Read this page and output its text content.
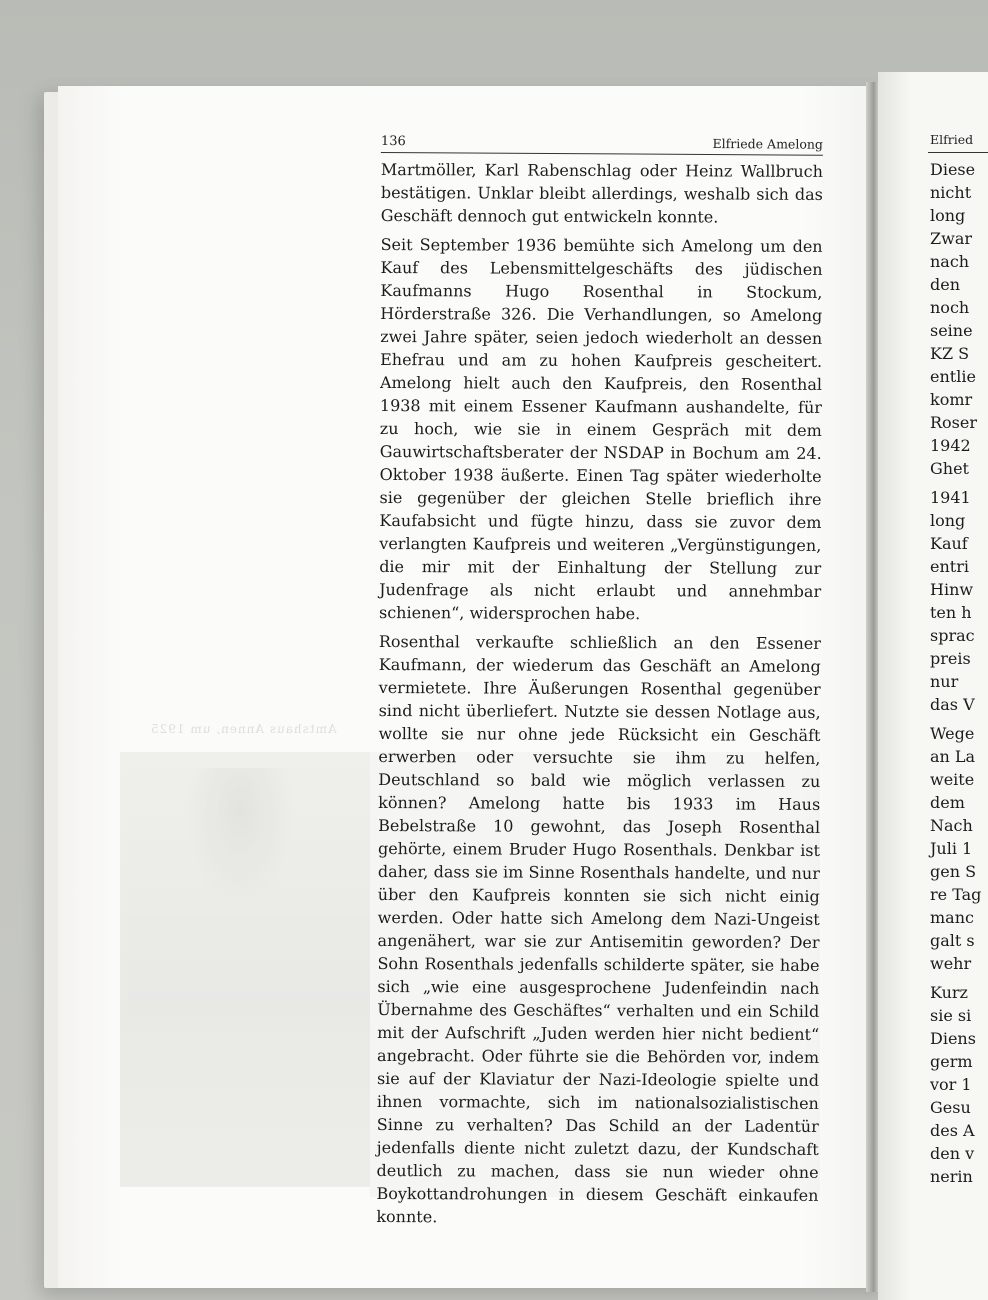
Amtshaus Annen, um 1925
136	Elfriede Amelong

Martmöller, Karl Rabenschlag oder Heinz Wallbruch bestätigen. Unklar bleibt allerdings, weshalb sich das Geschäft dennoch gut entwickeln konnte.

Seit September 1936 bemühte sich Amelong um den Kauf des Lebensmittelgeschäfts des jüdischen Kaufmanns Hugo Rosenthal in Stockum, Hörderstraße 326. Die Verhandlungen, so Amelong zwei Jahre später, seien jedoch wiederholt an dessen Ehefrau und am zu hohen Kaufpreis gescheitert. Amelong hielt auch den Kaufpreis, den Rosenthal 1938 mit einem Essener Kaufmann aushandelte, für zu hoch, wie sie in einem Gespräch mit dem Gauwirtschaftsberater der NSDAP in Bochum am 24. Oktober 1938 äußerte. Einen Tag später wiederholte sie gegenüber der gleichen Stelle brieflich ihre Kaufabsicht und fügte hinzu, dass sie zuvor dem verlangten Kaufpreis und weiteren „Vergünstigungen, die mir mit der Einhaltung der Stellung zur Judenfrage als nicht erlaubt und annehmbar schienen“, widersprochen habe.

Rosenthal verkaufte schließlich an den Essener Kaufmann, der wiederum das Geschäft an Amelong vermietete. Ihre Äußerungen Rosenthal gegenüber sind nicht überliefert. Nutzte sie dessen Notlage aus, wollte sie nur ohne jede Rücksicht ein Geschäft erwerben oder versuchte sie ihm zu helfen, Deutschland so bald wie möglich verlassen zu können? Amelong hatte bis 1933 im Haus Bebelstraße 10 gewohnt, das Joseph Rosenthal gehörte, einem Bruder Hugo Rosenthals. Denkbar ist daher, dass sie im Sinne Rosenthals handelte, und nur über den Kaufpreis konnten sie sich nicht einig werden. Oder hatte sich Amelong dem Nazi-Ungeist angenähert, war sie zur Antisemitin geworden? Der Sohn Rosenthals jedenfalls schilderte später, sie habe sich „wie eine ausgesprochene Judenfeindin nach Übernahme des Geschäftes“ verhalten und ein Schild mit der Aufschrift „Juden werden hier nicht bedient“ angebracht. Oder führte sie die Behörden vor, indem sie auf der Klaviatur der Nazi-Ideologie spielte und ihnen vormachte, sich im nationalsozialistischen Sinne zu verhalten? Das Schild an der Ladentür jedenfalls diente nicht zuletzt dazu, der Kundschaft deutlich zu machen, dass sie nun wieder ohne Boykottandrohungen in diesem Geschäft einkaufen konnte.

Elfried
Diese
nicht
long
Zwar
nach
den
noch
seine
KZ S
entlie
komr
Roser
1942
Ghet
1941
long
Kauf
entri
Hinw
ten h
sprac
preis
nur
das V
Wege
an La
weite
dem
Nach
Juli 1
gen S
re Tag
manc
galt s
wehr
Kurz
sie si
Diens
germ
vor 1
Gesu
des A
den v
nerin
